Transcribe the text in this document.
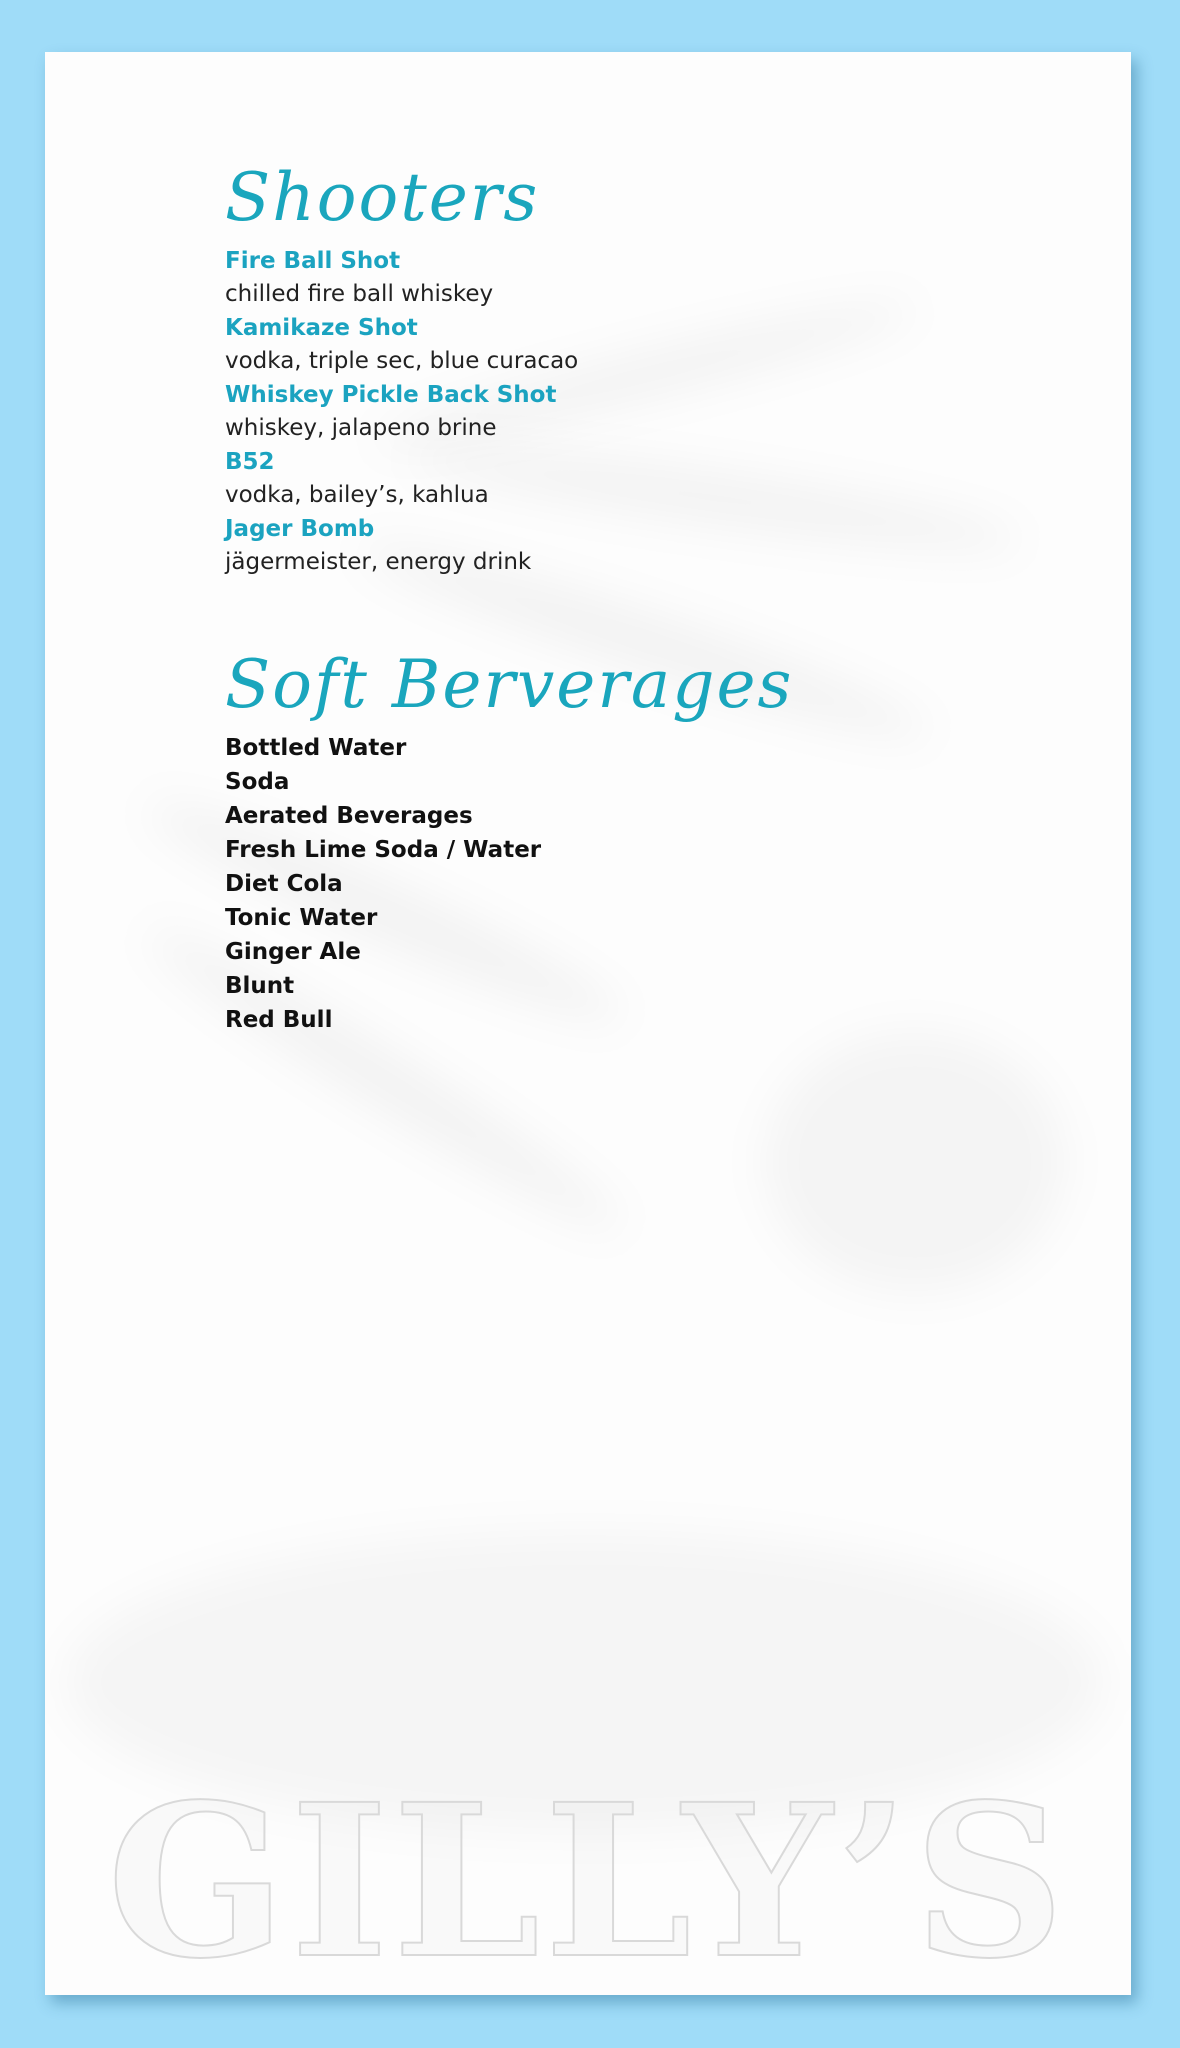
Shooters
Fire Ball Shot
chilled fire ball whiskey
Kamikaze Shot
vodka, triple sec, blue curacao
Whiskey Pickle Back Shot
whiskey, jalapeno brine
B52
vodka, bailey’s, kahlua
Jager Bomb
jägermeister, energy drink
Soft Berverages
Bottled Water
Soda
Aerated Beverages
Fresh Lime Soda / Water
Diet Cola
Tonic Water
Ginger Ale
Blunt
Red Bull
GILLY’S
